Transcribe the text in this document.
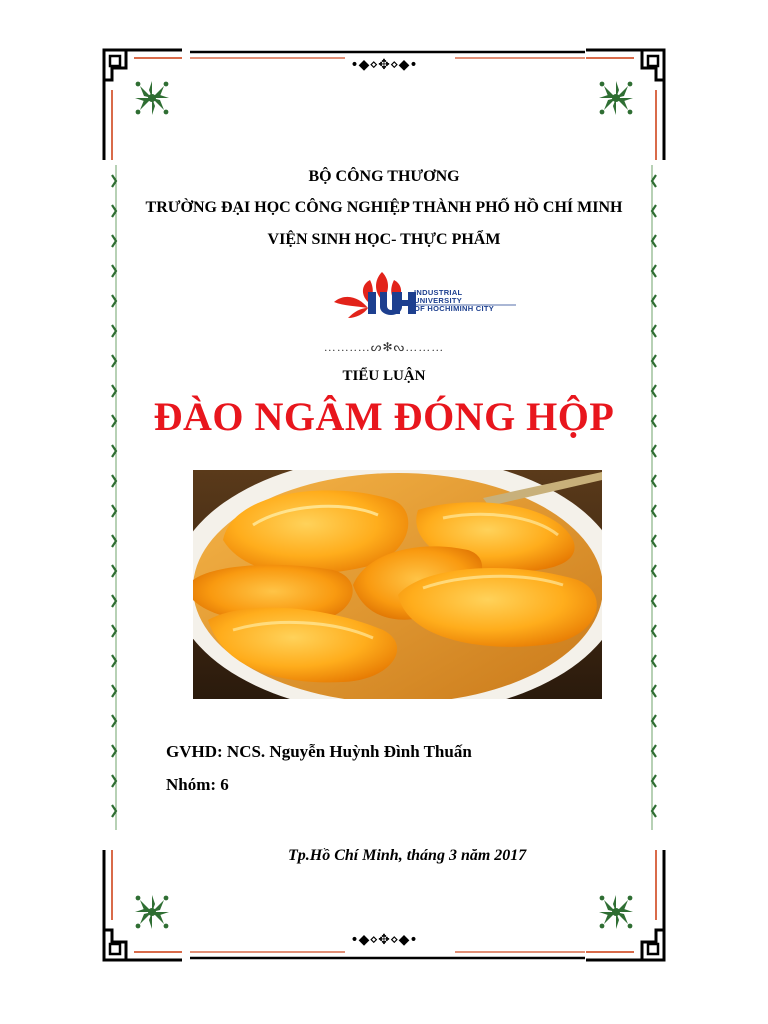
•◆⋄✥⋄◆•
•◆⋄✥⋄◆•
BỘ CÔNG THƯƠNG
TRƯỜNG ĐẠI HỌC CÔNG NGHIỆP THÀNH PHỐ HỒ CHÍ MINH
VIỆN SINH HỌC- THỰC PHẨM
INDUSTRIAL
UNIVERSITY
OF HOCHIMINH CITY
……..…ᔕ✻ᔓ………
TIỂU LUẬN
ĐÀO NGÂM ĐÓNG HỘP
GVHD: NCS. Nguyễn Huỳnh Đình Thuấn
Nhóm: 6
Tp.Hồ Chí Minh, tháng 3 năm 2017
